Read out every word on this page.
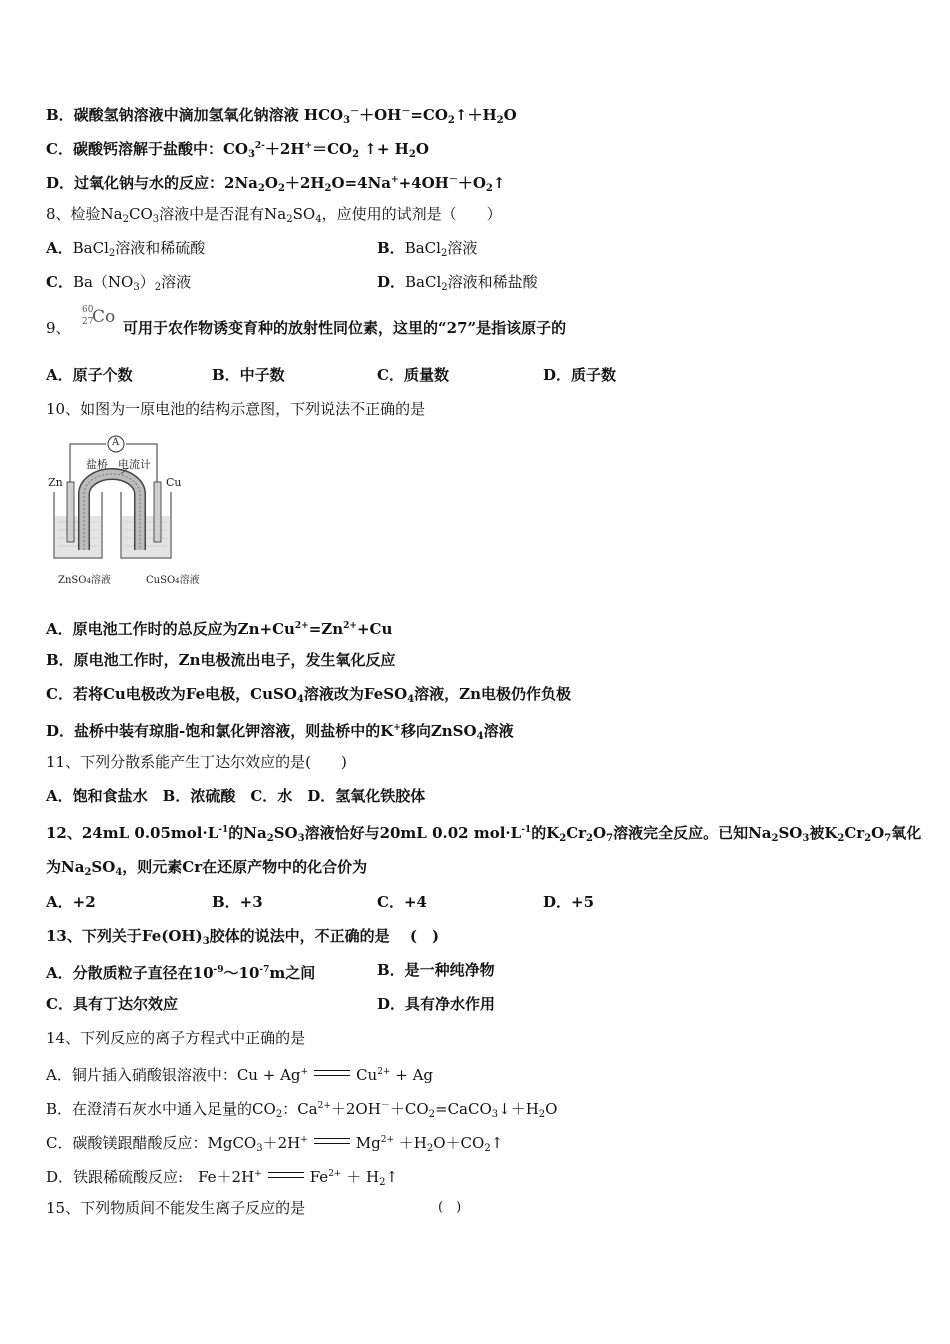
B．碳酸氢钠溶液中滴加氢氧化钠溶液 $HCO_3^-+OH^-=CO_2↑+H_2O$
C．碳酸钙溶解于盐酸中：$CO_3^{2-}+2H^+=CO_2$ ↑+ $H_2O$
D．过氧化钠与水的反应：$2Na_2O_2+2H_2O=4Na^++4OH^-+O_2↑$
8、检验$Na_2CO_3$溶液中是否混有$Na_2SO_4$，应使用的试剂是（　　）
A．BaCl$_2$溶液和稀硫酸	B．BaCl$_2$溶液
C．$Ba(NO_3)_2$溶液	D．BaCl$_2$溶液和稀盐酸
9、
60
27
Co
可用于农作物诱变育种的放射性同位素，这里的“27”是指该原子的
A．原子个数	B．中子数	C．质量数	D．质子数
10、如图为一原电池的结构示意图，下列说法不正确的是
A
盐桥 电流计
Zn	Cu
ZnSO4溶液	CuSO4溶液
A．原电池工作时的总反应为$Zn+Cu^{2+}=Zn^{2+}+Cu$
B．原电池工作时，Zn电极流出电子，发生氧化反应
C．若将Cu电极改为Fe电极，CuSO$_4$溶液改为FeSO$_4$溶液，Zn电极仍作负极
D．盐桥中装有琼脂-饱和氯化钾溶液，则盐桥中的K+移向ZnSO$_4$溶液
11、下列分散系能产生丁达尔效应的是(　　)
A．饱和食盐水　B．浓硫酸　C．水　D．氢氧化铁胶体
12、24mL $0.05mol\cdot L^{-1}$的$Na_2SO_3$溶液恰好与20mL 0.02 $mol\cdot L^{-1}$的$K_2Cr_2O_7$溶液完全反应。已知$Na_2SO_3$被$K_2Cr_2O_7$氧化
为$Na_2SO_4$，则元素Cr在还原产物中的化合价为
A．+2	B．+3	C．+4	D．+5
13、下列关于$Fe(OH)_3$胶体的说法中，不正确的是　 (　)
A．分散质粒子直径在$10^{-9}\sim 10^{-7}m$之间	B．是一种纯净物
C．具有丁达尔效应	D．具有净水作用
14、下列反应的离子方程式中正确的是
A．铜片插入硝酸银溶液中：Cu + Ag+	$Cu^{2+} + Ag$
B．在澄清石灰水中通入足量的$CO_2$：$Ca^{2+}+2OH^-+CO_2=CaCO_3↓+H_2O$
C．碳酸镁跟醋酸反应：MgCO$_3$＋2H+	$Mg^{2+}$ $+H_2O+CO_2↑$
D．铁跟稀硫酸反应:　Fe＋2H+	$Fe^{2+}$ ＋ $H_2↑$
15、下列物质间不能发生离子反应的是	(　)
